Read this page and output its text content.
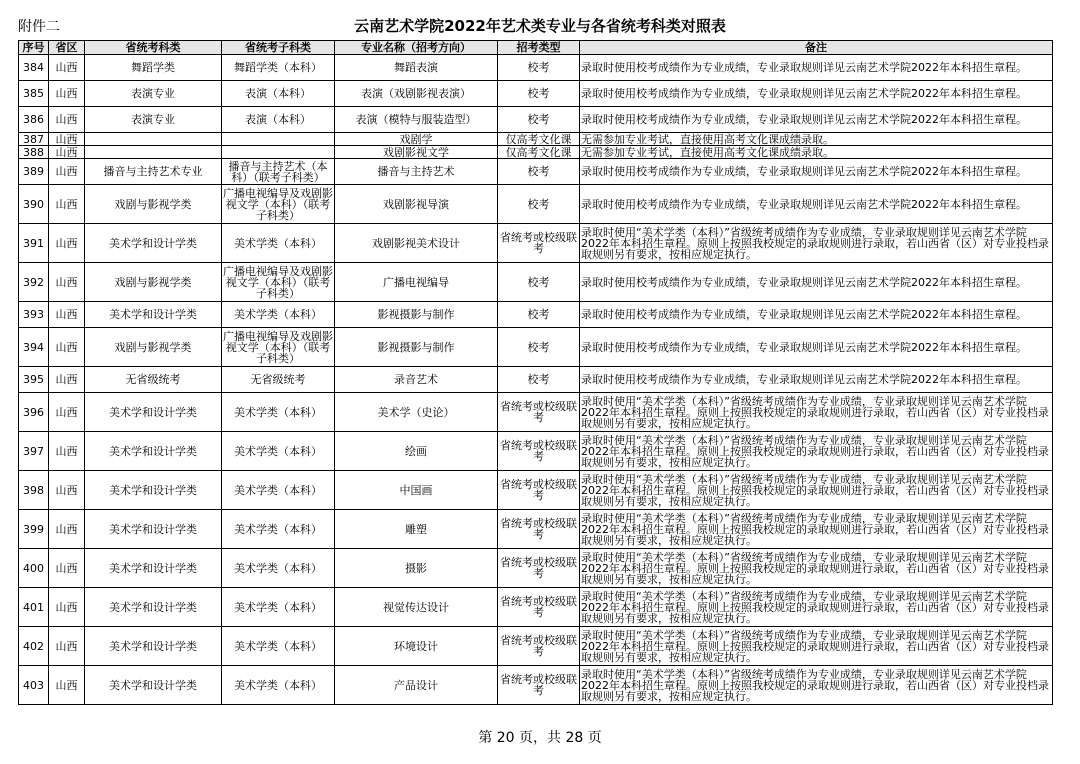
附件二	云南艺术学院2022年艺术类专业与各省统考科类对照表
序号	省区	省统考科类	省统考子科类	专业名称（招考方向）	招考类型	备注
384	山西	舞蹈学类	舞蹈学类（本科）	舞蹈表演	校考	录取时使用校考成绩作为专业成绩，专业录取规则详见云南艺术学院2022年本科招生章程。
385	山西	表演专业	表演（本科）	表演（戏剧影视表演）	校考	录取时使用校考成绩作为专业成绩，专业录取规则详见云南艺术学院2022年本科招生章程。
386	山西	表演专业	表演（本科）	表演（模特与服装造型）	校考	录取时使用校考成绩作为专业成绩，专业录取规则详见云南艺术学院2022年本科招生章程。
387	山西			戏剧学	仅高考文化课	无需参加专业考试，直接使用高考文化课成绩录取。
388	山西			戏剧影视文学	仅高考文化课	无需参加专业考试，直接使用高考文化课成绩录取。
389	山西	播音与主持艺术专业	播音与主持艺术（本科）（联考子科类）	播音与主持艺术	校考	录取时使用校考成绩作为专业成绩，专业录取规则详见云南艺术学院2022年本科招生章程。
390	山西	戏剧与影视学类	广播电视编导及戏剧影视文学（本科）（联考子科类）	戏剧影视导演	校考	录取时使用校考成绩作为专业成绩，专业录取规则详见云南艺术学院2022年本科招生章程。
391	山西	美术学和设计学类	美术学类（本科）	戏剧影视美术设计	省统考或校级联考	录取时使用“美术学类（本科）”省级统考成绩作为专业成绩，专业录取规则详见云南艺术学院2022年本科招生章程。原则上按照我校规定的录取规则进行录取，若山西省（区）对专业投档录取规则另有要求，按相应规定执行。
392	山西	戏剧与影视学类	广播电视编导及戏剧影视文学（本科）（联考子科类）	广播电视编导	校考	录取时使用校考成绩作为专业成绩，专业录取规则详见云南艺术学院2022年本科招生章程。
393	山西	美术学和设计学类	美术学类（本科）	影视摄影与制作	校考	录取时使用校考成绩作为专业成绩，专业录取规则详见云南艺术学院2022年本科招生章程。
394	山西	戏剧与影视学类	广播电视编导及戏剧影视文学（本科）（联考子科类）	影视摄影与制作	校考	录取时使用校考成绩作为专业成绩，专业录取规则详见云南艺术学院2022年本科招生章程。
395	山西	无省级统考	无省级统考	录音艺术	校考	录取时使用校考成绩作为专业成绩，专业录取规则详见云南艺术学院2022年本科招生章程。
396	山西	美术学和设计学类	美术学类（本科）	美术学（史论）	省统考或校级联考	录取时使用“美术学类（本科）”省级统考成绩作为专业成绩，专业录取规则详见云南艺术学院2022年本科招生章程。原则上按照我校规定的录取规则进行录取，若山西省（区）对专业投档录取规则另有要求，按相应规定执行。
397	山西	美术学和设计学类	美术学类（本科）	绘画	省统考或校级联考	录取时使用“美术学类（本科）”省级统考成绩作为专业成绩，专业录取规则详见云南艺术学院2022年本科招生章程。原则上按照我校规定的录取规则进行录取，若山西省（区）对专业投档录取规则另有要求，按相应规定执行。
398	山西	美术学和设计学类	美术学类（本科）	中国画	省统考或校级联考	录取时使用“美术学类（本科）”省级统考成绩作为专业成绩，专业录取规则详见云南艺术学院2022年本科招生章程。原则上按照我校规定的录取规则进行录取，若山西省（区）对专业投档录取规则另有要求，按相应规定执行。
399	山西	美术学和设计学类	美术学类（本科）	雕塑	省统考或校级联考	录取时使用“美术学类（本科）”省级统考成绩作为专业成绩，专业录取规则详见云南艺术学院2022年本科招生章程。原则上按照我校规定的录取规则进行录取，若山西省（区）对专业投档录取规则另有要求，按相应规定执行。
400	山西	美术学和设计学类	美术学类（本科）	摄影	省统考或校级联考	录取时使用“美术学类（本科）”省级统考成绩作为专业成绩，专业录取规则详见云南艺术学院2022年本科招生章程。原则上按照我校规定的录取规则进行录取，若山西省（区）对专业投档录取规则另有要求，按相应规定执行。
401	山西	美术学和设计学类	美术学类（本科）	视觉传达设计	省统考或校级联考	录取时使用“美术学类（本科）”省级统考成绩作为专业成绩，专业录取规则详见云南艺术学院2022年本科招生章程。原则上按照我校规定的录取规则进行录取，若山西省（区）对专业投档录取规则另有要求，按相应规定执行。
402	山西	美术学和设计学类	美术学类（本科）	环境设计	省统考或校级联考	录取时使用“美术学类（本科）”省级统考成绩作为专业成绩，专业录取规则详见云南艺术学院2022年本科招生章程。原则上按照我校规定的录取规则进行录取，若山西省（区）对专业投档录取规则另有要求，按相应规定执行。
403	山西	美术学和设计学类	美术学类（本科）	产品设计	省统考或校级联考	录取时使用“美术学类（本科）”省级统考成绩作为专业成绩，专业录取规则详见云南艺术学院2022年本科招生章程。原则上按照我校规定的录取规则进行录取，若山西省（区）对专业投档录取规则另有要求，按相应规定执行。
第 20 页，共 28 页
